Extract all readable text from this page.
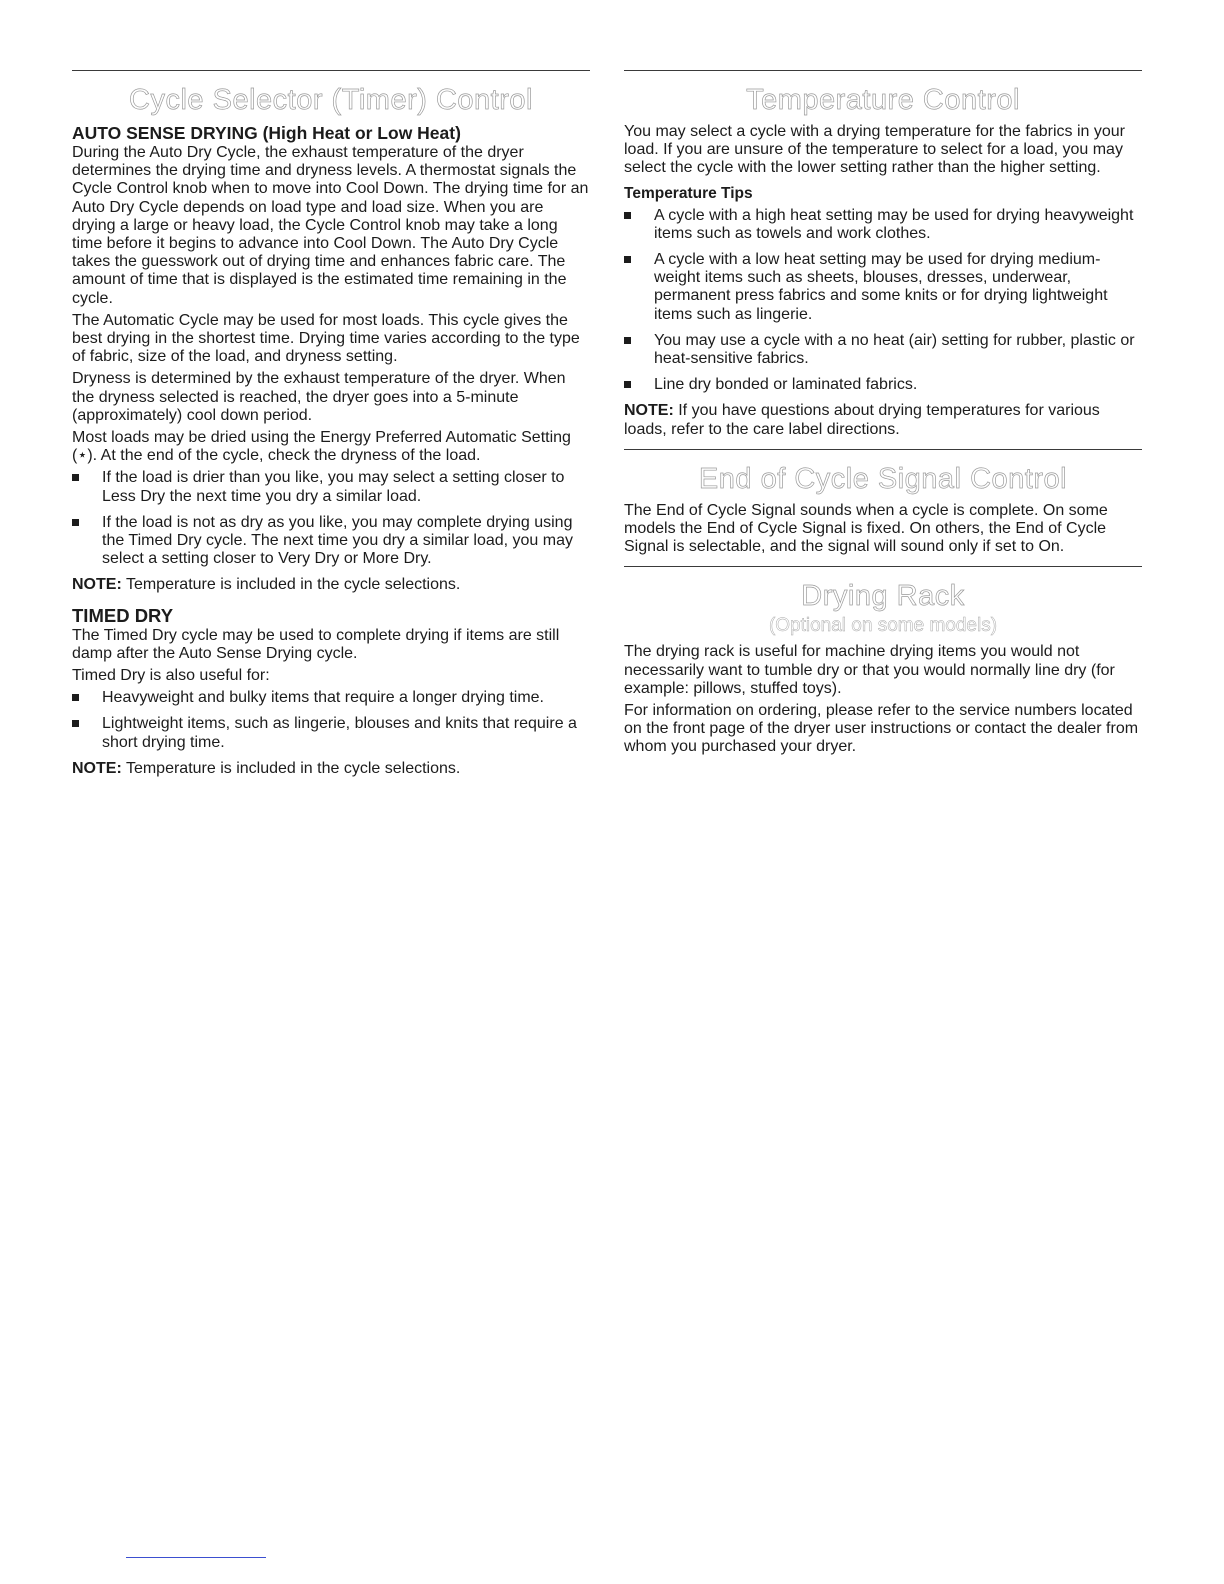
Cycle Selector (Timer) Control
AUTO SENSE DRYING (High Heat or Low Heat)

During the Auto Dry Cycle, the exhaust temperature of the dryer determines the drying time and dryness levels. A thermostat signals the Cycle Control knob when to move into Cool Down. The drying time for an Auto Dry Cycle depends on load type and load size. When you are drying a large or heavy load, the Cycle Control knob may take a long time before it begins to advance into Cool Down. The Auto Dry Cycle takes the guesswork out of drying time and enhances fabric care. The amount of time that is displayed is the estimated time remaining in the cycle.

The Automatic Cycle may be used for most loads. This cycle gives the best drying in the shortest time. Drying time varies according to the type of fabric, size of the load, and dryness setting.

Dryness is determined by the exhaust temperature of the dryer. When the dryness selected is reached, the dryer goes into a 5-minute (approximately) cool down period.

Most loads may be dried using the Energy Preferred Automatic Setting (⋆). At the end of the cycle, check the dryness of the load.

If the load is drier than you like, you may select a setting closer to Less Dry the next time you dry a similar load.
If the load is not as dry as you like, you may complete drying using the Timed Dry cycle. The next time you dry a similar load, you may select a setting closer to Very Dry or More Dry.

NOTE: Temperature is included in the cycle selections.

TIMED DRY

The Timed Dry cycle may be used to complete drying if items are still damp after the Auto Sense Drying cycle.

Timed Dry is also useful for:

Heavyweight and bulky items that require a longer drying time.
Lightweight items, such as lingerie, blouses and knits that require a short drying time.

NOTE: Temperature is included in the cycle selections.

Temperature Control

You may select a cycle with a drying temperature for the fabrics in your load. If you are unsure of the temperature to select for a load, you may select the cycle with the lower setting rather than the higher setting.

Temperature Tips
A cycle with a high heat setting may be used for drying heavyweight items such as towels and work clothes.
A cycle with a low heat setting may be used for drying medium-weight items such as sheets, blouses, dresses, underwear, permanent press fabrics and some knits or for drying lightweight items such as lingerie.
You may use a cycle with a no heat (air) setting for rubber, plastic or heat-sensitive fabrics.
Line dry bonded or laminated fabrics.

NOTE: If you have questions about drying temperatures for various loads, refer to the care label directions.

End of Cycle Signal Control

The End of Cycle Signal sounds when a cycle is complete. On some models the End of Cycle Signal is fixed. On others, the End of Cycle Signal is selectable, and the signal will sound only if set to On.

Drying Rack
(Optional on some models)

The drying rack is useful for machine drying items you would not necessarily want to tumble dry or that you would normally line dry (for example: pillows, stuffed toys).

For information on ordering, please refer to the service numbers located on the front page of the dryer user instructions or contact the dealer from whom you purchased your dryer.
